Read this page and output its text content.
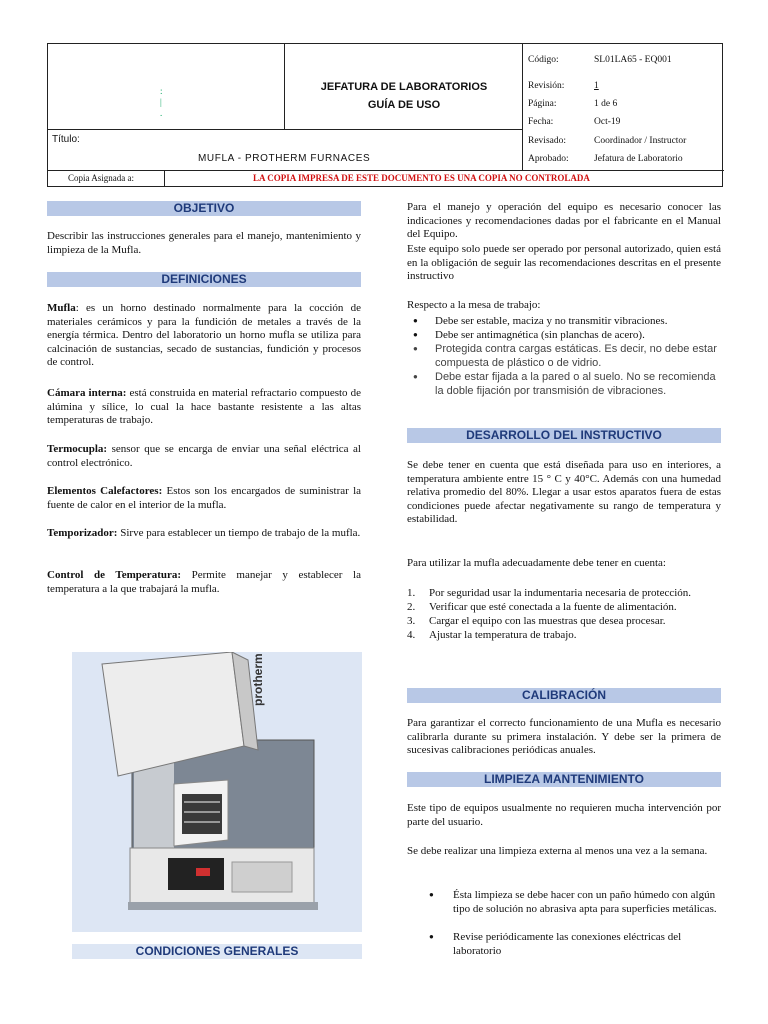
:
|
.
JEFATURA DE LABORATORIOS
GUÍA DE USO
Código:	SL01LA65 - EQ001
Revisión:	1
Página:	1 de 6
Fecha:	Oct-19
Revisado:	Coordinador / Instructor
Aprobado:	Jefatura de Laboratorio
Título:
MUFLA - PROTHERM FURNACES
Copia Asignada a:	LA COPIA IMPRESA DE ESTE DOCUMENTO ES UNA COPIA NO CONTROLADA
OBJETIVO
Describir las instrucciones generales para el manejo, mantenimiento y limpieza de la Mufla.
DEFINICIONES
Mufla: es un horno destinado normalmente para la cocción de materiales cerámicos y para la fundición de metales a través de la energía térmica. Dentro del laboratorio un horno mufla se utiliza para calcinación de sustancias, secado de sustancias, fundición y procesos de control.
Cámara interna: está construida en material refractario compuesto de alúmina y sílice, lo cual la hace bastante resistente a las altas temperaturas de trabajo.
Termocupla: sensor que se encarga de enviar una señal eléctrica al control electrónico.
Elementos Calefactores: Estos son los encargados de suministrar la fuente de calor en el interior de la mufla.
Temporizador: Sirve para establecer un tiempo de trabajo de la mufla.
Control de Temperatura: Permite manejar y establecer la temperatura a la que trabajará la mufla.
protherm
CONDICIONES GENERALES
Para el manejo y operación del equipo es necesario conocer las indicaciones y recomendaciones dadas por el fabricante en el Manual del Equipo.
Este equipo solo puede ser operado por personal autorizado, quien está en la obligación de seguir las recomendaciones descritas en el presente instructivo
Respecto a la mesa de trabajo:
● Debe ser estable, maciza y no transmitir vibraciones.
● Debe ser antimagnética (sin planchas de acero).
● Protegida contra cargas estáticas. Es decir, no debe estar compuesta de plástico o de vidrio.
● Debe estar fijada a la pared o al suelo. No se recomienda la doble fijación por transmisión de vibraciones.
DESARROLLO DEL INSTRUCTIVO
Se debe tener en cuenta que está diseñada para uso en interiores, a temperatura ambiente entre 15 ° C y 40°C. Además con una humedad relativa promedio del 80%. Llegar a usar estos aparatos fuera de estas condiciones puede afectar negativamente su rango de temperatura y estabilidad.
Para utilizar la mufla adecuadamente debe tener en cuenta:
1. Por seguridad usar la indumentaria necesaria de protección.
2. Verificar que esté conectada a la fuente de alimentación.
3. Cargar el equipo con las muestras que desea procesar.
4. Ajustar la temperatura de trabajo.
CALIBRACIÓN
Para garantizar el correcto funcionamiento de una Mufla es necesario calibrarla durante su primera instalación. Y debe ser la primera de sucesivas calibraciones periódicas anuales.
LIMPIEZA MANTENIMIENTO
Este tipo de equipos usualmente no requieren mucha intervención por parte del usuario.
Se debe realizar una limpieza externa al menos una vez a la semana.
● Ésta limpieza se debe hacer con un paño húmedo con algún tipo de solución no abrasiva apta para superficies metálicas.
● Revise periódicamente las conexiones eléctricas del laboratorio
